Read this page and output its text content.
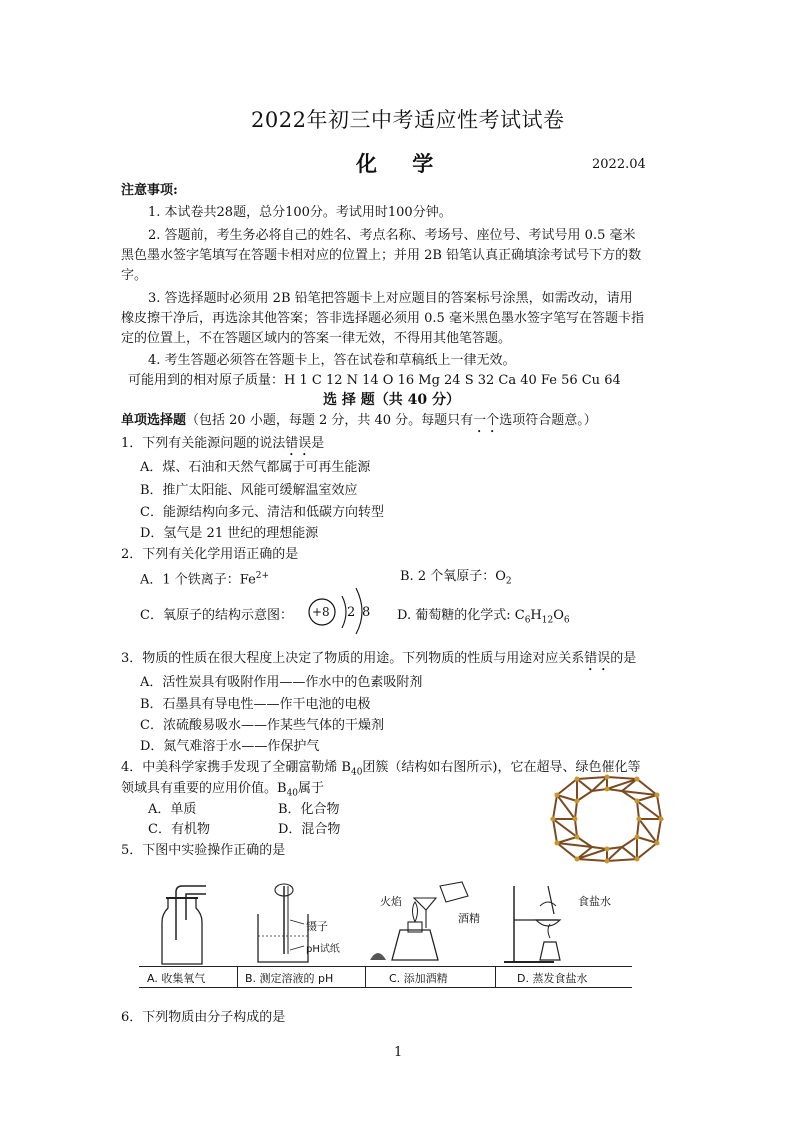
2022年初三中考适应性考试试卷
化 学	2022.04
注意事项:
1. 本试卷共28题，总分100分。考试用时100分钟。
2. 答题前，考生务必将自己的姓名、考点名称、考场号、座位号、考试号用 0.5 毫米
黑色墨水签字笔填写在答题卡相对应的位置上；并用 2B 铅笔认真正确填涂考试号下方的数
字。
3. 答选择题时必须用 2B 铅笔把答题卡上对应题目的答案标号涂黑，如需改动，请用
橡皮擦干净后，再选涂其他答案；答非选择题必须用 0.5 毫米黑色墨水签字笔写在答题卡指
定的位置上，不在答题区域内的答案一律无效，不得用其他笔答题。
4. 考生答题必须答在答题卡上，答在试卷和草稿纸上一律无效。
可能用到的相对原子质量：H 1 C 12 N 14 O 16 Mg 24 S 32 Ca 40 Fe 56 Cu 64
选 择 题（共 40 分）
单项选择题（包括 20 小题，每题 2 分，共 40 分。每题只有一个选项符合题意。）
1．下列有关能源问题的说法错误是
A．煤、石油和天然气都属于可再生能源
B．推广太阳能、风能可缓解温室效应
C．能源结构向多元、清洁和低碳方向转型
D．氢气是 21 世纪的理想能源
2．下列有关化学用语正确的是
A．1 个铁离子：$Fe^{2+}$	B. 2 个氧原子：$O_2$
C．氧原子的结构示意图： +8 2 8 D. 葡萄糖的化学式: $C_6H_{12}O_6$
3．物质的性质在很大程度上决定了物质的用途。下列物质的性质与用途对应关系错误的是
A．活性炭具有吸附作用——作水中的色素吸附剂
B．石墨具有导电性——作干电池的电极
C．浓硫酸易吸水——作某些气体的干燥剂
D．氮气难溶于水——作保护气
4．中美科学家携手发现了全硼富勒烯 $B_{40}$团簇（结构如右图所示)，它在超导、绿色催化等
领域具有重要的应用价值。$B_{40}$属于
A．单质	B．化合物
C．有机物	D．混合物
5．下图中实验操作正确的是
镊子
pH试纸
火焰
酒精
食盐水
A. 收集氧气	B. 测定溶液的 pH	C. 添加酒精	D. 蒸发食盐水
6．下列物质由分子构成的是
1
